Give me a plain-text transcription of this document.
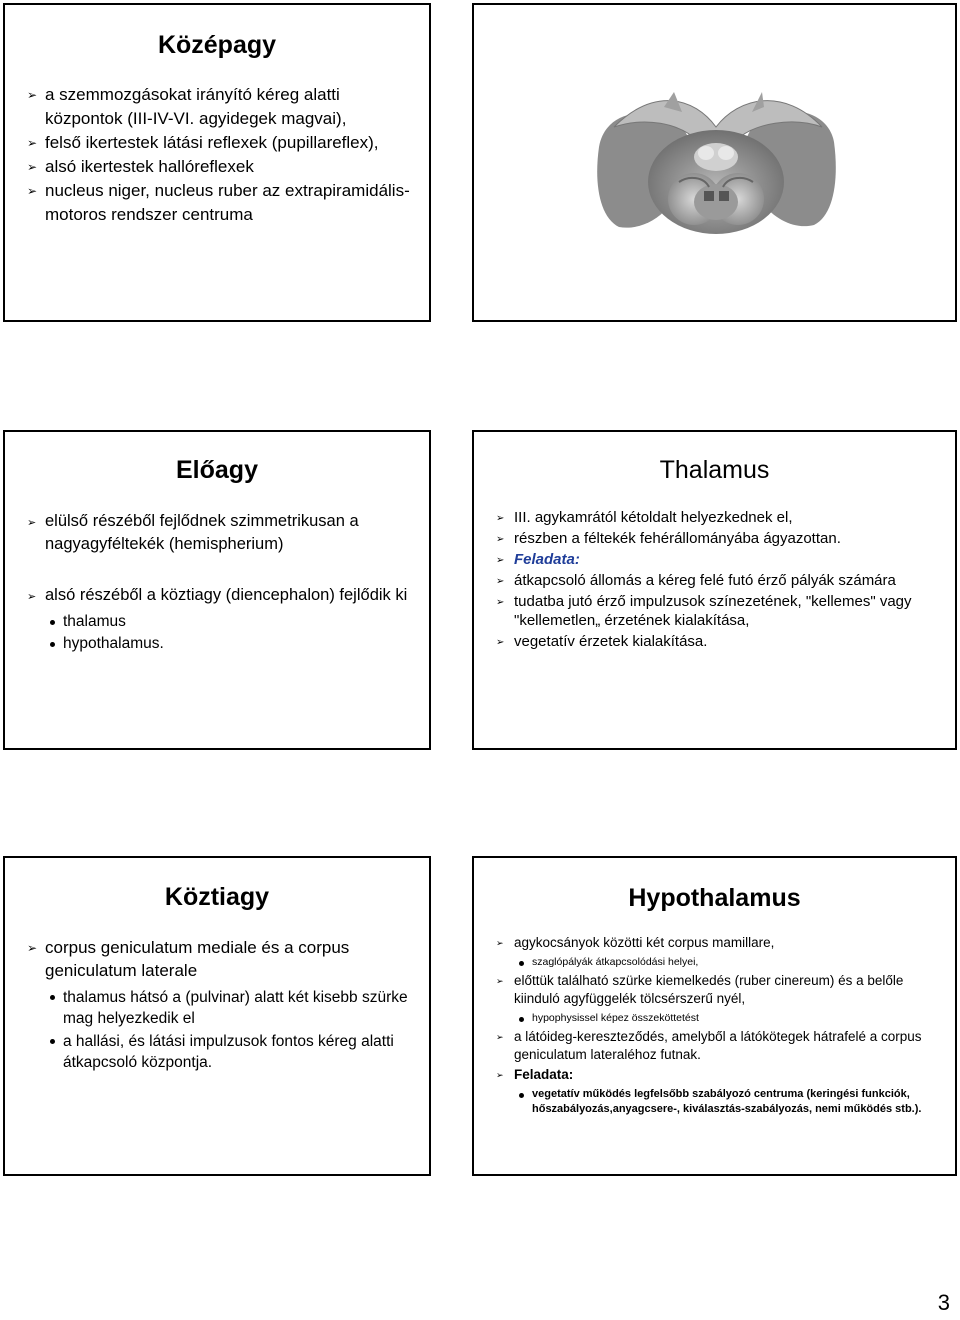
Középagy
➢ a szemmozgásokat irányító kéreg alatti központok (III-IV-VI. agyidegek magvai),
➢ felső ikertestek látási reflexek (pupillareflex),
➢ alsó ikertestek hallóreflexek
➢ nucleus niger, nucleus ruber az extrapiramidális-motoros rendszer centruma
Előagy
➢ elülső részéből fejlődnek szimmetrikusan a nagyagyféltekék (hemispherium)
➢ alsó részéből a köztiagy (diencephalon) fejlődik ki
thalamus
hypothalamus.
Thalamus
➢ III. agykamrától kétoldalt helyezkednek el,
➢ részben a féltekék fehérállományába ágyazottan.
➢ Feladata:
➢ átkapcsoló állomás a kéreg felé futó érző pályák számára
➢ tudatba jutó érző impulzusok színezetének, "kellemes" vagy "kellemetlen„ érzetének kialakítása,
➢ vegetatív érzetek kialakítása.
Köztiagy
➢ corpus geniculatum mediale és a corpus geniculatum laterale
thalamus hátsó a (pulvinar) alatt két kisebb szürke mag helyezkedik el
a hallási, és látási impulzusok fontos kéreg alatti átkapcsoló központja.
Hypothalamus
➢ agykocsányok közötti két corpus mamillare,
szaglópályák átkapcsolódási helyei,
➢ előttük található szürke kiemelkedés (ruber cinereum) és a belőle kiinduló agyfüggelék tölcsérszerű nyél,
hypophysissel képez összeköttetést
➢ a látóideg-kereszteződés, amelyből a látókötegek hátrafelé a corpus geniculatum lateraléhoz futnak.
➢ Feladata:
vegetatív működés legfelsőbb szabályozó centruma (keringési funkciók, hőszabályozás,anyagcsere-, kiválasztás-szabályozás, nemi működés stb.).
3
